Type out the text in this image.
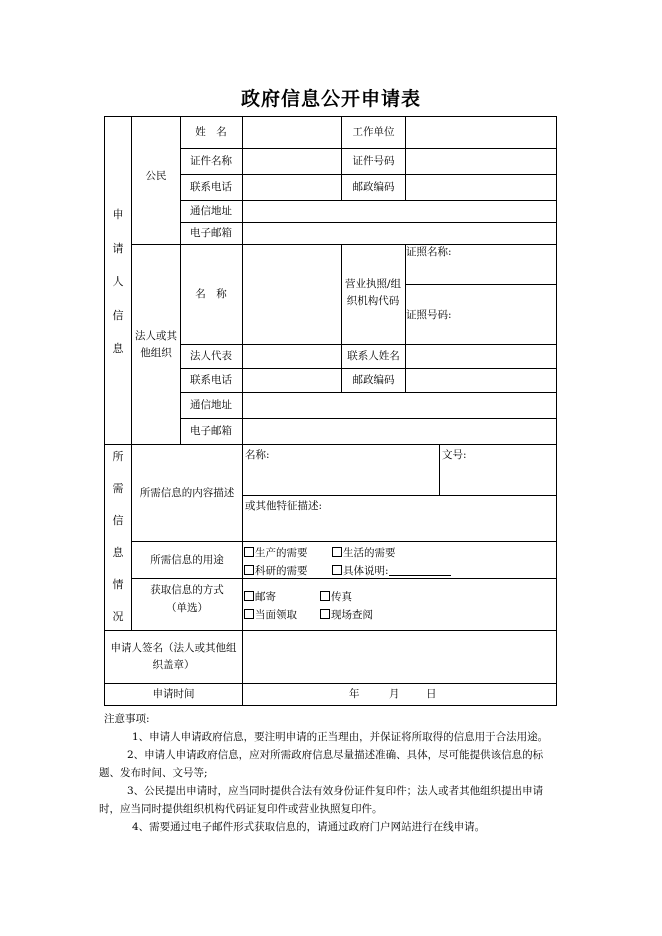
政府信息公开申请表
申
请
人
信
息
公民
姓　名	工作单位
证件名称	证件号码
联系电话	邮政编码
通信地址
电子邮箱
法人或其他组织
名　称
营业执照/组织机构代码
证照名称:
证照号码:
法人代表	联系人姓名
联系电话	邮政编码
通信地址
电子邮箱
所
需
信
息
情
况
所需信息的内容描述
名称:	文号:
或其他特征描述:
所需信息的用途
生产的需要	生活的需要
科研的需要	具体说明:
获取信息的方式
（单选）
邮寄	传真
当面领取	现场查阅
申请人签名（法人或其他组织盖章）
申请时间	年	月	日

注意事项:

1、申请人申请政府信息，要注明申请的正当理由，并保证将所取得的信息用于合法用途。

2、申请人申请政府信息，应对所需政府信息尽量描述准确、具体，尽可能提供该信息的标题、发布时间、文号等;

3、公民提出申请时，应当同时提供合法有效身份证件复印件；法人或者其他组织提出申请时，应当同时提供组织机构代码证复印件或营业执照复印件。

4、需要通过电子邮件形式获取信息的，请通过政府门户网站进行在线申请。
